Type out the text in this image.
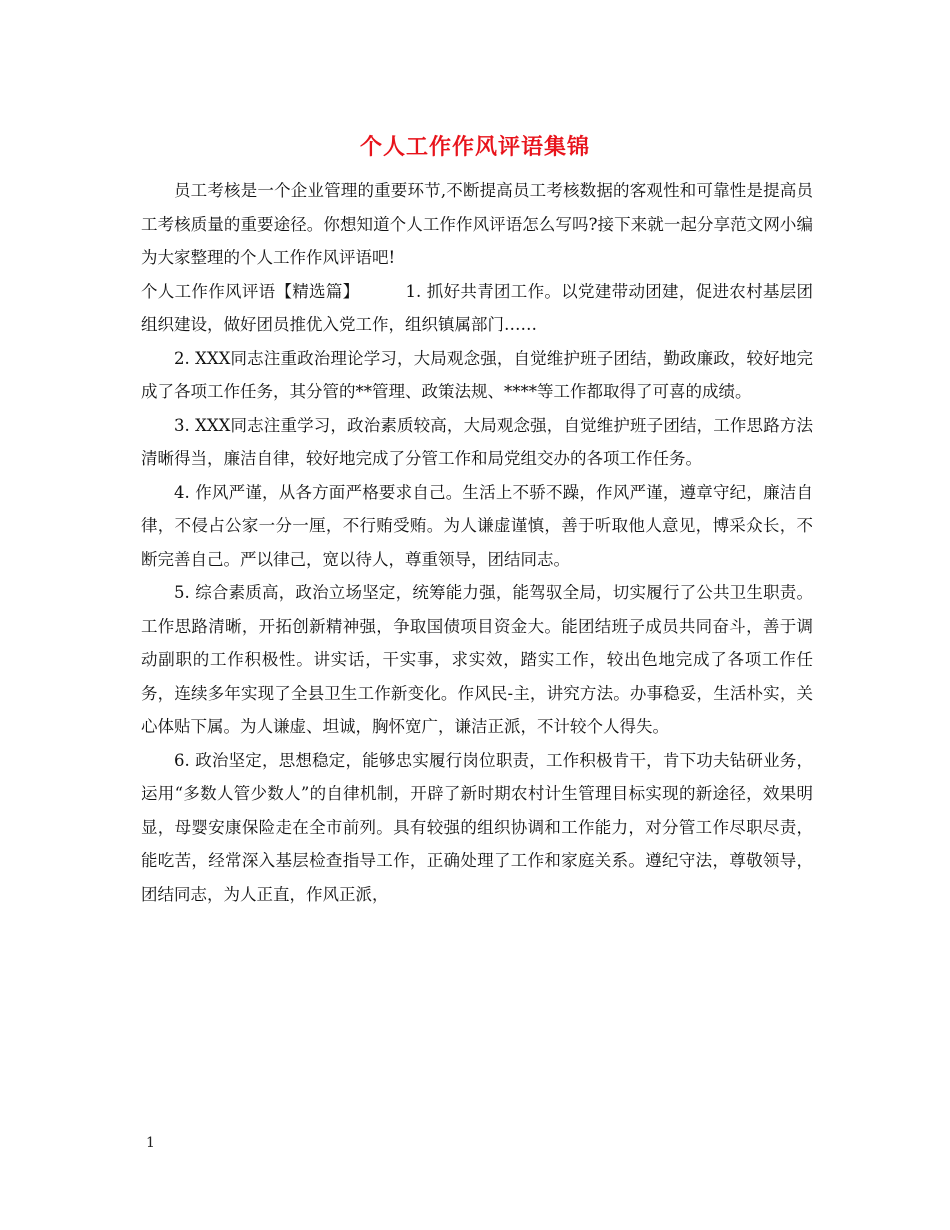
个人工作作风评语集锦

员工考核是一个企业管理的重要环节,不断提高员工考核数据的客观性和可靠性是提高员工考核质量的重要途径。你想知道个人工作作风评语怎么写吗?接下来就一起分享范文网小编为大家整理的个人工作作风评语吧!

个人工作作风评语【精选篇】	1. 抓好共青团工作。以党建带动团建，促进农村基层团组织建设，做好团员推优入党工作，组织镇属部门……

2. XXX同志注重政治理论学习，大局观念强，自觉维护班子团结，勤政廉政，较好地完成了各项工作任务，其分管的**管理、政策法规、****等工作都取得了可喜的成绩。

3. XXX同志注重学习，政治素质较高，大局观念强，自觉维护班子团结，工作思路方法清晰得当，廉洁自律，较好地完成了分管工作和局党组交办的各项工作任务。

4. 作风严谨，从各方面严格要求自己。生活上不骄不躁，作风严谨，遵章守纪，廉洁自律，不侵占公家一分一厘，不行贿受贿。为人谦虚谨慎，善于听取他人意见，博采众长，不断完善自己。严以律己，宽以待人，尊重领导，团结同志。

5. 综合素质高，政治立场坚定，统筹能力强，能驾驭全局，切实履行了公共卫生职责。工作思路清晰，开拓创新精神强，争取国债项目资金大。能团结班子成员共同奋斗，善于调动副职的工作积极性。讲实话，干实事，求实效，踏实工作，较出色地完成了各项工作任务，连续多年实现了全县卫生工作新变化。作风民-主，讲究方法。办事稳妥，生活朴实，关心体贴下属。为人谦虚、坦诚，胸怀宽广，谦洁正派，不计较个人得失。

6. 政治坚定，思想稳定，能够忠实履行岗位职责，工作积极肯干，肯下功夫钻研业务，运用“多数人管少数人”的自律机制，开辟了新时期农村计生管理目标实现的新途径，效果明显，母婴安康保险走在全市前列。具有较强的组织协调和工作能力，对分管工作尽职尽责，能吃苦，经常深入基层检查指导工作，正确处理了工作和家庭关系。遵纪守法，尊敬领导，团结同志，为人正直，作风正派，

1
